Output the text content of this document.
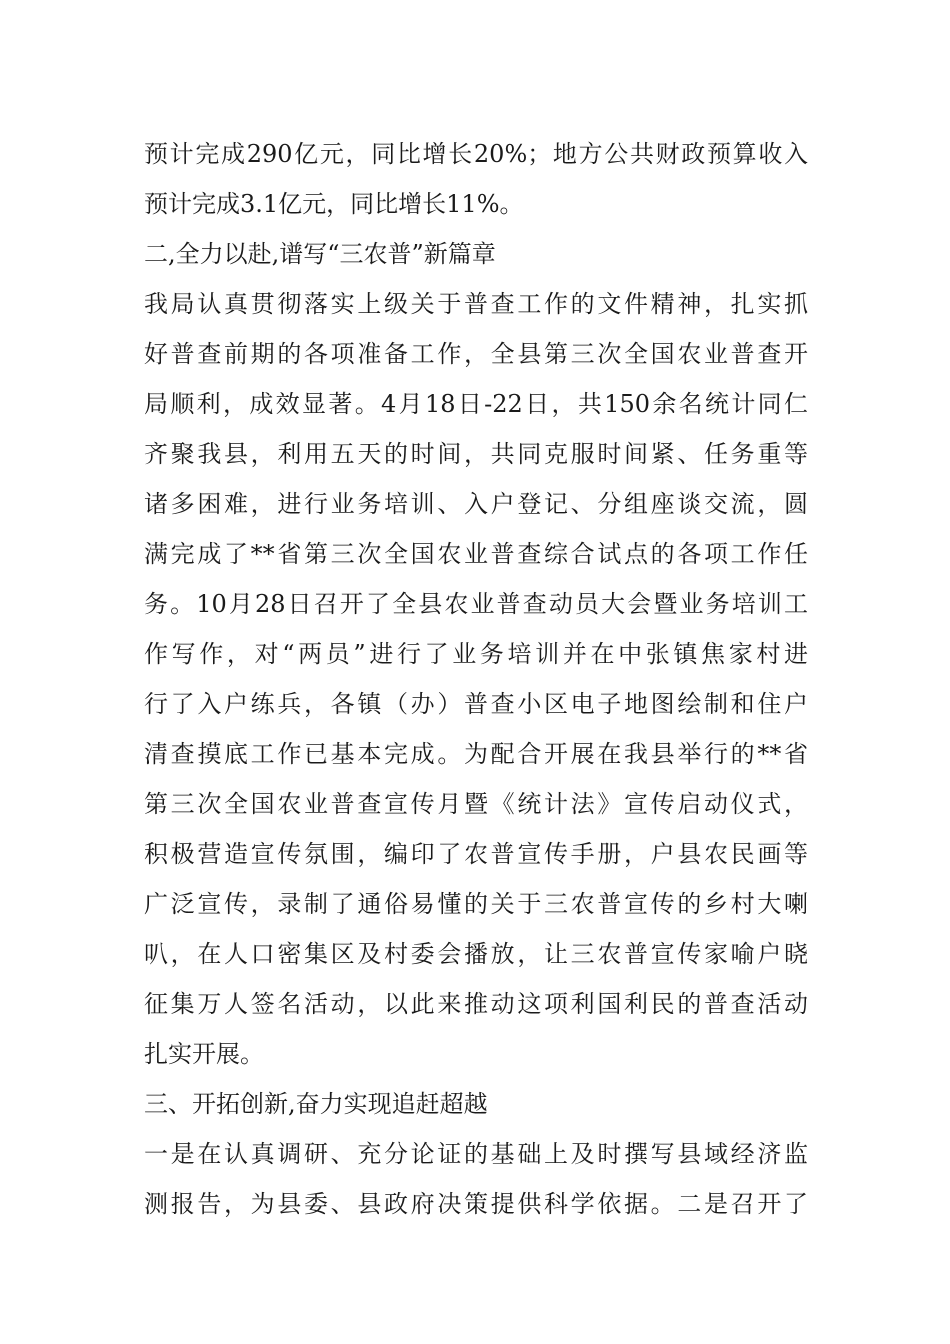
预计完成290亿元，同比增长20%；地方公共财政预算收入
预计完成3.1亿元，同比增长11%。
二,全力以赴,谱写“三农普”新篇章
我局认真贯彻落实上级关于普查工作的文件精神，扎实抓
好普查前期的各项准备工作，全县第三次全国农业普查开
局顺利，成效显著。4月18日-22日，共150余名统计同仁
齐聚我县，利用五天的时间，共同克服时间紧、任务重等
诸多困难，进行业务培训、入户登记、分组座谈交流，圆
满完成了**省第三次全国农业普查综合试点的各项工作任
务。10月28日召开了全县农业普查动员大会暨业务培训工
作写作，对“两员”进行了业务培训并在中张镇焦家村进
行了入户练兵，各镇（办）普查小区电子地图绘制和住户
清查摸底工作已基本完成。为配合开展在我县举行的**省
第三次全国农业普查宣传月暨《统计法》宣传启动仪式，
积极营造宣传氛围，编印了农普宣传手册，户县农民画等
广泛宣传，录制了通俗易懂的关于三农普宣传的乡村大喇
叭，在人口密集区及村委会播放，让三农普宣传家喻户晓
征集万人签名活动，以此来推动这项利国利民的普查活动
扎实开展。
三、开拓创新,奋力实现追赶超越
一是在认真调研、充分论证的基础上及时撰写县域经济监
测报告，为县委、县政府决策提供科学依据。二是召开了
